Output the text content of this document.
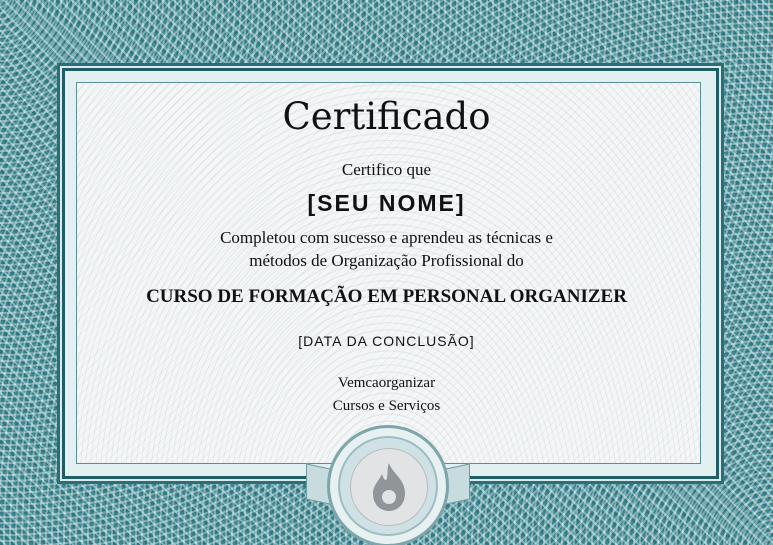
Certificado
Certifico que
[SEU NOME]
Completou com sucesso e aprendeu as técnicas e
métodos de Organização Profissional do
CURSO DE FORMAÇÃO EM PERSONAL ORGANIZER
[DATA DA CONCLUSÃO]
Vemcaorganizar
Cursos e Serviços
